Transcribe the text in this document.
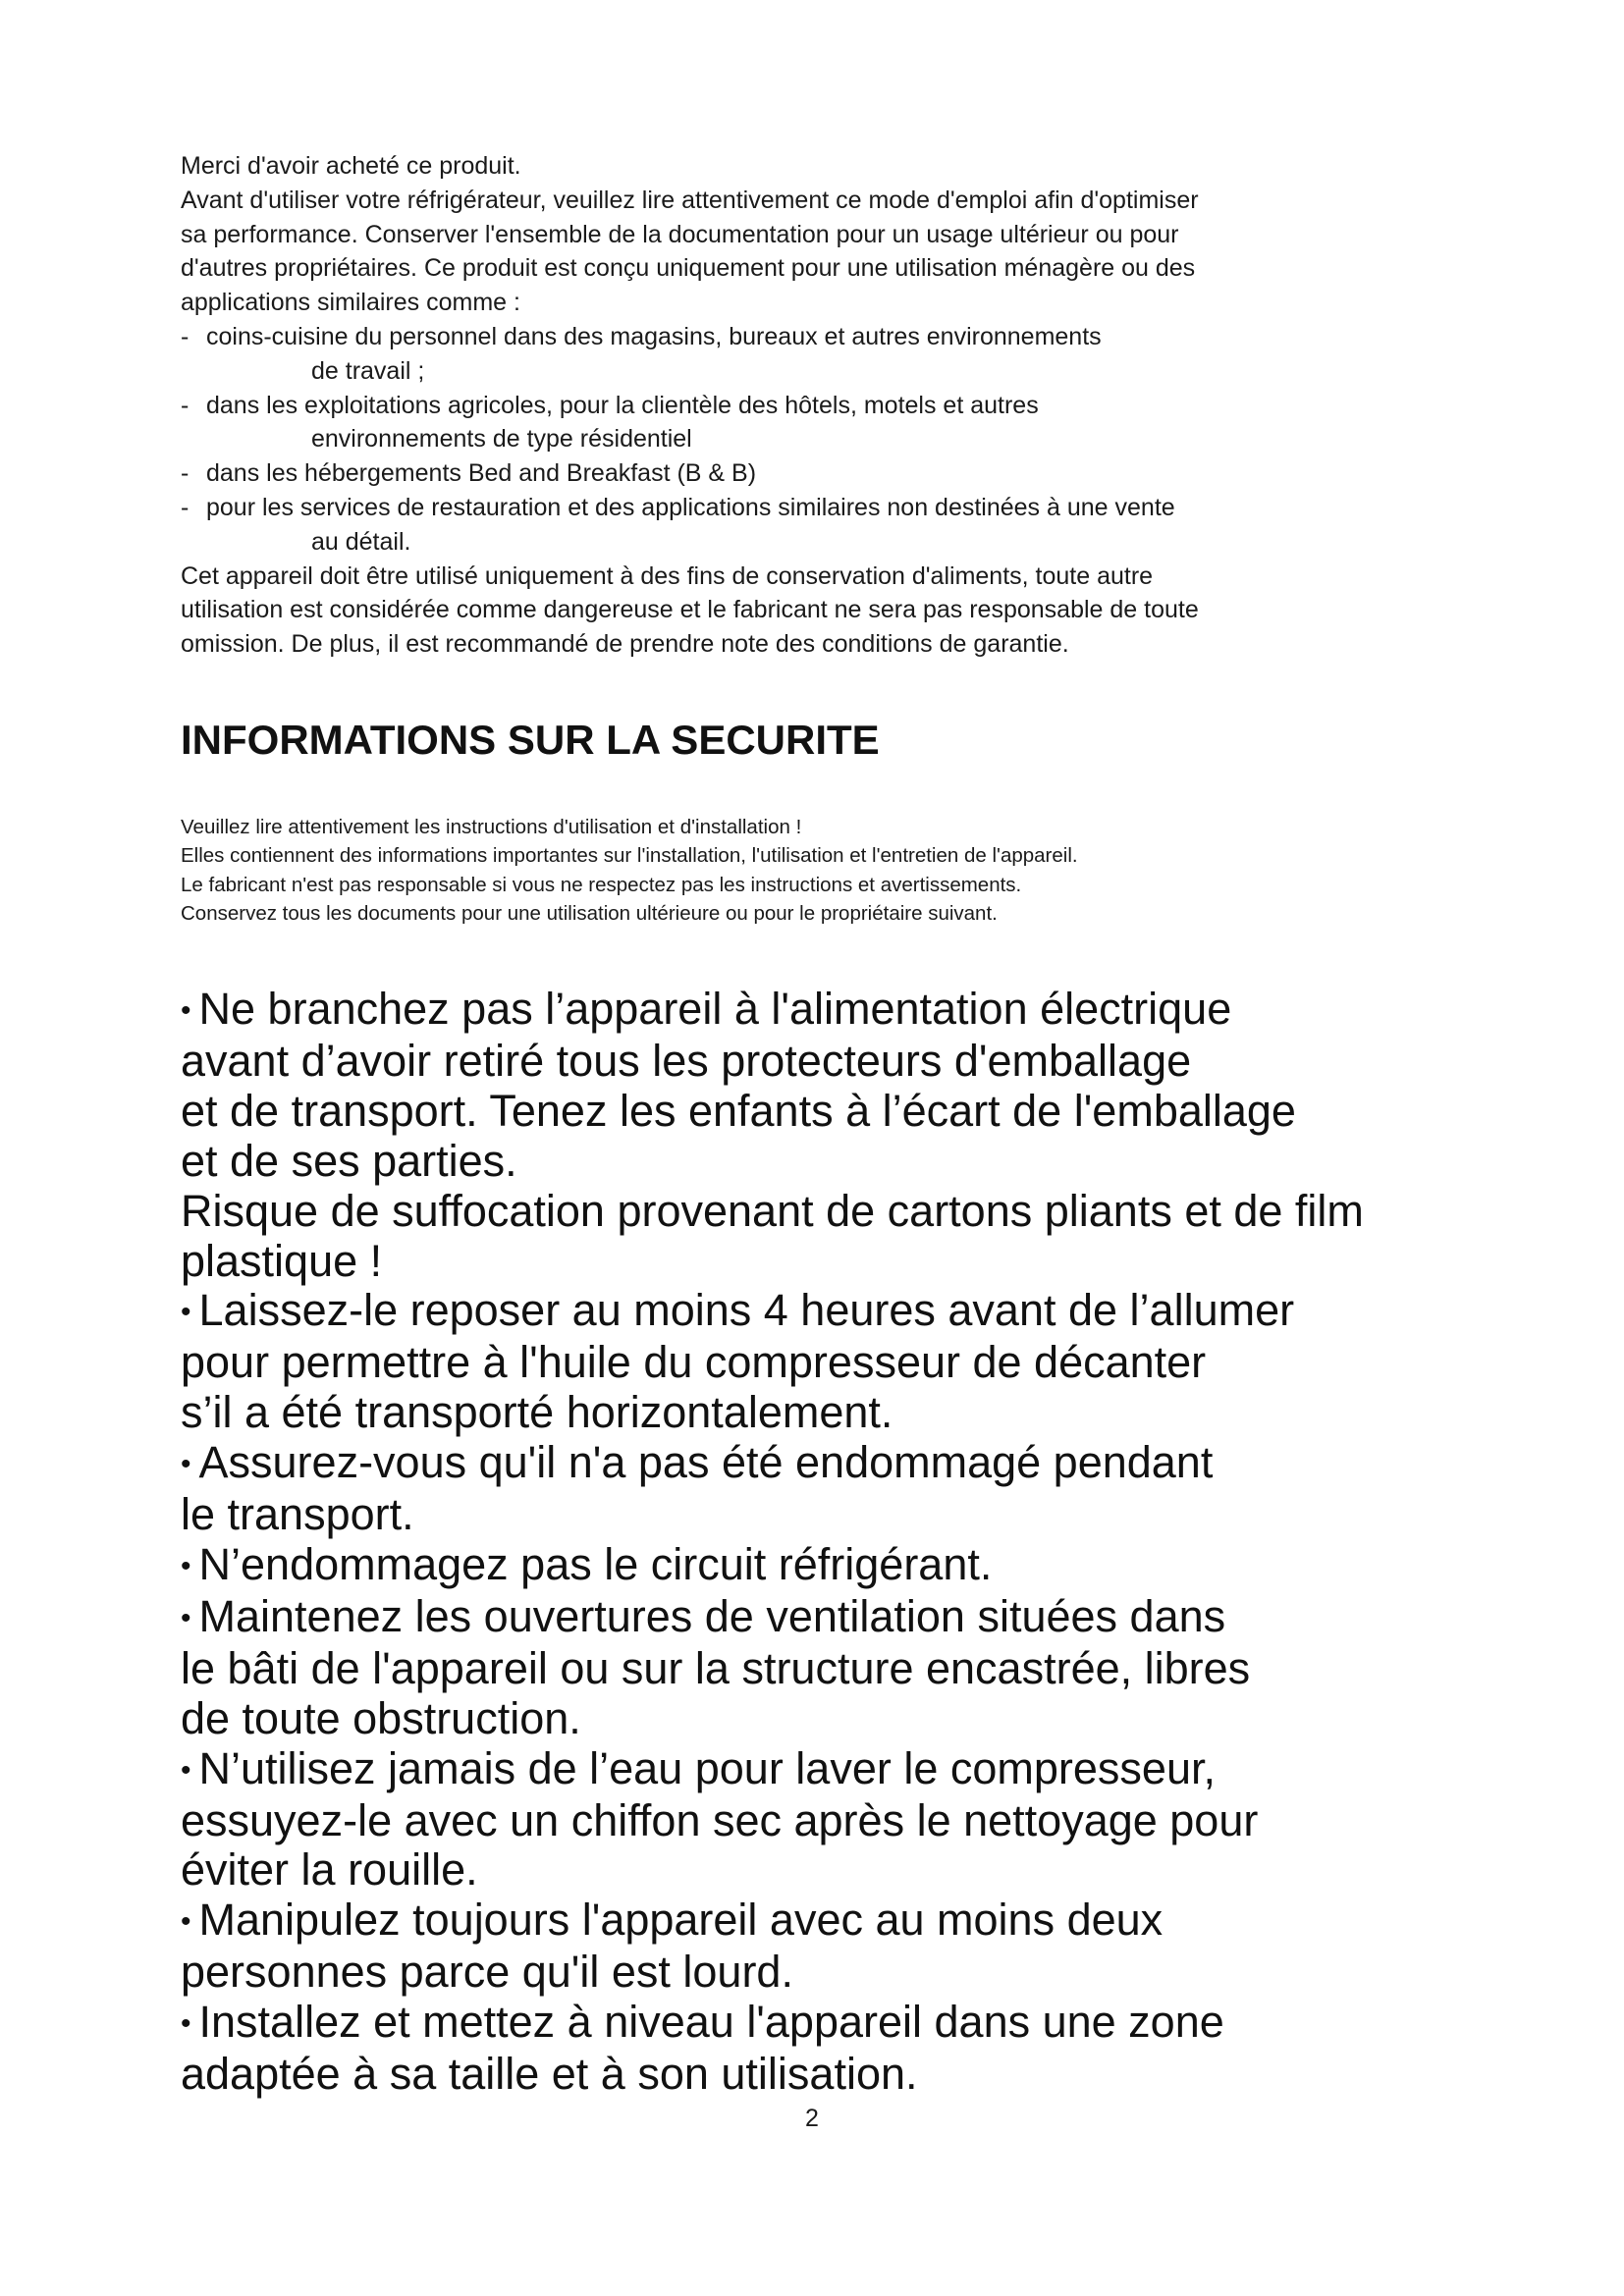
Merci d'avoir acheté ce produit.
Avant d'utiliser votre réfrigérateur, veuillez lire attentivement ce mode d'emploi afin d'optimiser
sa performance. Conserver l'ensemble de la documentation pour un usage ultérieur ou pour
d'autres propriétaires. Ce produit est conçu uniquement pour une utilisation ménagère ou des
applications similaires comme :
- coins-cuisine du personnel dans des magasins, bureaux et autres environnements
de travail ;
- dans les exploitations agricoles, pour la clientèle des hôtels, motels et autres
environnements de type résidentiel
- dans les hébergements Bed and Breakfast (B & B)
- pour les services de restauration et des applications similaires non destinées à une vente
au détail.
Cet appareil doit être utilisé uniquement à des fins de conservation d'aliments, toute autre
utilisation est considérée comme dangereuse et le fabricant ne sera pas responsable de toute
omission. De plus, il est recommandé de prendre note des conditions de garantie.
INFORMATIONS SUR LA SECURITE
Veuillez lire attentivement les instructions d'utilisation et d'installation !
Elles contiennent des informations importantes sur l'installation, l'utilisation et l'entretien de l'appareil.
Le fabricant n'est pas responsable si vous ne respectez pas les instructions et avertissements.
Conservez tous les documents pour une utilisation ultérieure ou pour le propriétaire suivant.
• Ne branchez pas l’appareil à l'alimentation électrique
avant d’avoir retiré tous les protecteurs d'emballage
et de transport. Tenez les enfants à l’écart de l'emballage
et de ses parties.
Risque de suffocation provenant de cartons pliants et de film
plastique !
• Laissez-le reposer au moins 4 heures avant de l’allumer
pour permettre à l'huile du compresseur de décanter
s’il a été transporté horizontalement.
• Assurez-vous qu'il n'a pas été endommagé pendant
le transport.
• N’endommagez pas le circuit réfrigérant.
• Maintenez les ouvertures de ventilation situées dans
le bâti de l'appareil ou sur la structure encastrée, libres
de toute obstruction.
• N’utilisez jamais de l’eau pour laver le compresseur,
essuyez-le avec un chiffon sec après le nettoyage pour
éviter la rouille.
• Manipulez toujours l'appareil avec au moins deux
personnes parce qu'il est lourd.
• Installez et mettez à niveau l'appareil dans une zone
adaptée à sa taille et à son utilisation.
2
